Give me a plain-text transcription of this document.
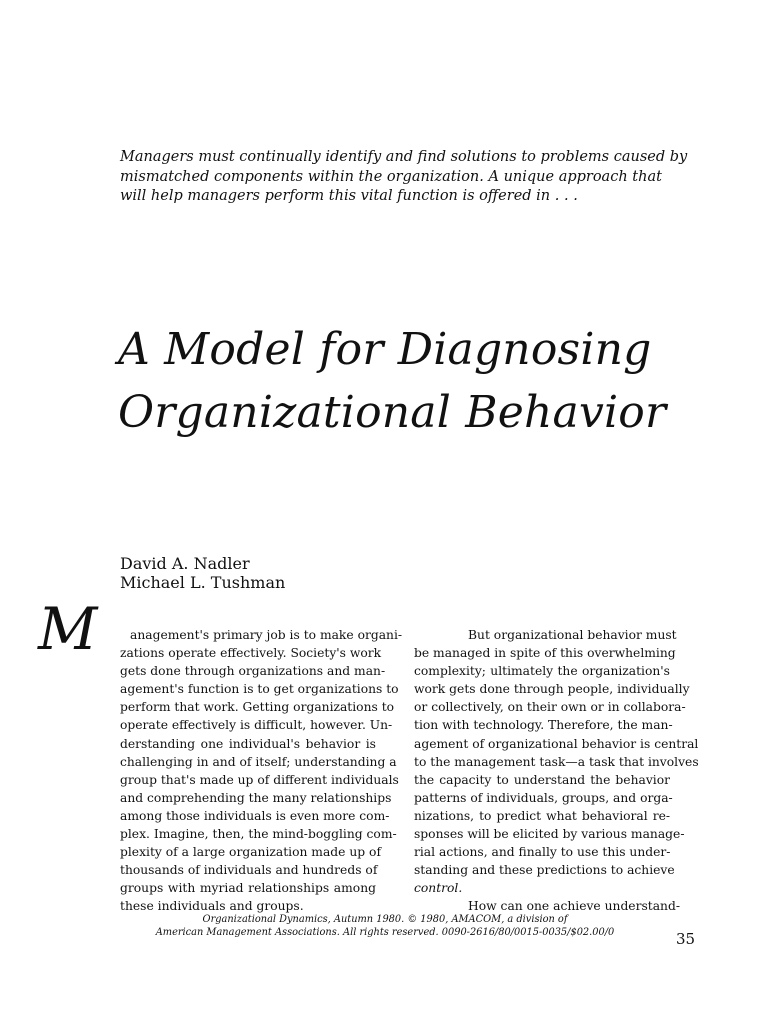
Managers must continually identify and find solutions to problems caused by
mismatched components within the organization. A unique approach that
will help managers perform this vital function is offered in . . .
A Model for Diagnosing
Organizational Behavior
David A. Nadler
Michael L. Tushman
M	anagement's primary job is to make organi-
zations operate effectively. Society's work
gets done through organizations and man-
agement's function is to get organizations to
perform that work. Getting organizations to
operate effectively is difficult, however. Un-
derstanding one individual's behavior is
challenging in and of itself; understanding a
group that's made up of different individuals
and comprehending the many relationships
among those individuals is even more com-
plex. Imagine, then, the mind-boggling com-
plexity of a large organization made up of
thousands of individuals and hundreds of
groups with myriad relationships among
these individuals and groups.
But organizational behavior must
be managed in spite of this overwhelming
complexity; ultimately the organization's
work gets done through people, individually
or collectively, on their own or in collabora-
tion with technology. Therefore, the man-
agement of organizational behavior is central
to the management task—a task that involves
the capacity to understand the behavior
patterns of individuals, groups, and orga-
nizations, to predict what behavioral re-
sponses will be elicited by various manage-
rial actions, and finally to use this under-
standing and these predictions to achieve
control.
How can one achieve understand-
Organizational Dynamics, Autumn 1980. © 1980, AMACOM, a division of
American Management Associations. All rights reserved. 0090-2616/80/0015-0035/$02.00/0	35
